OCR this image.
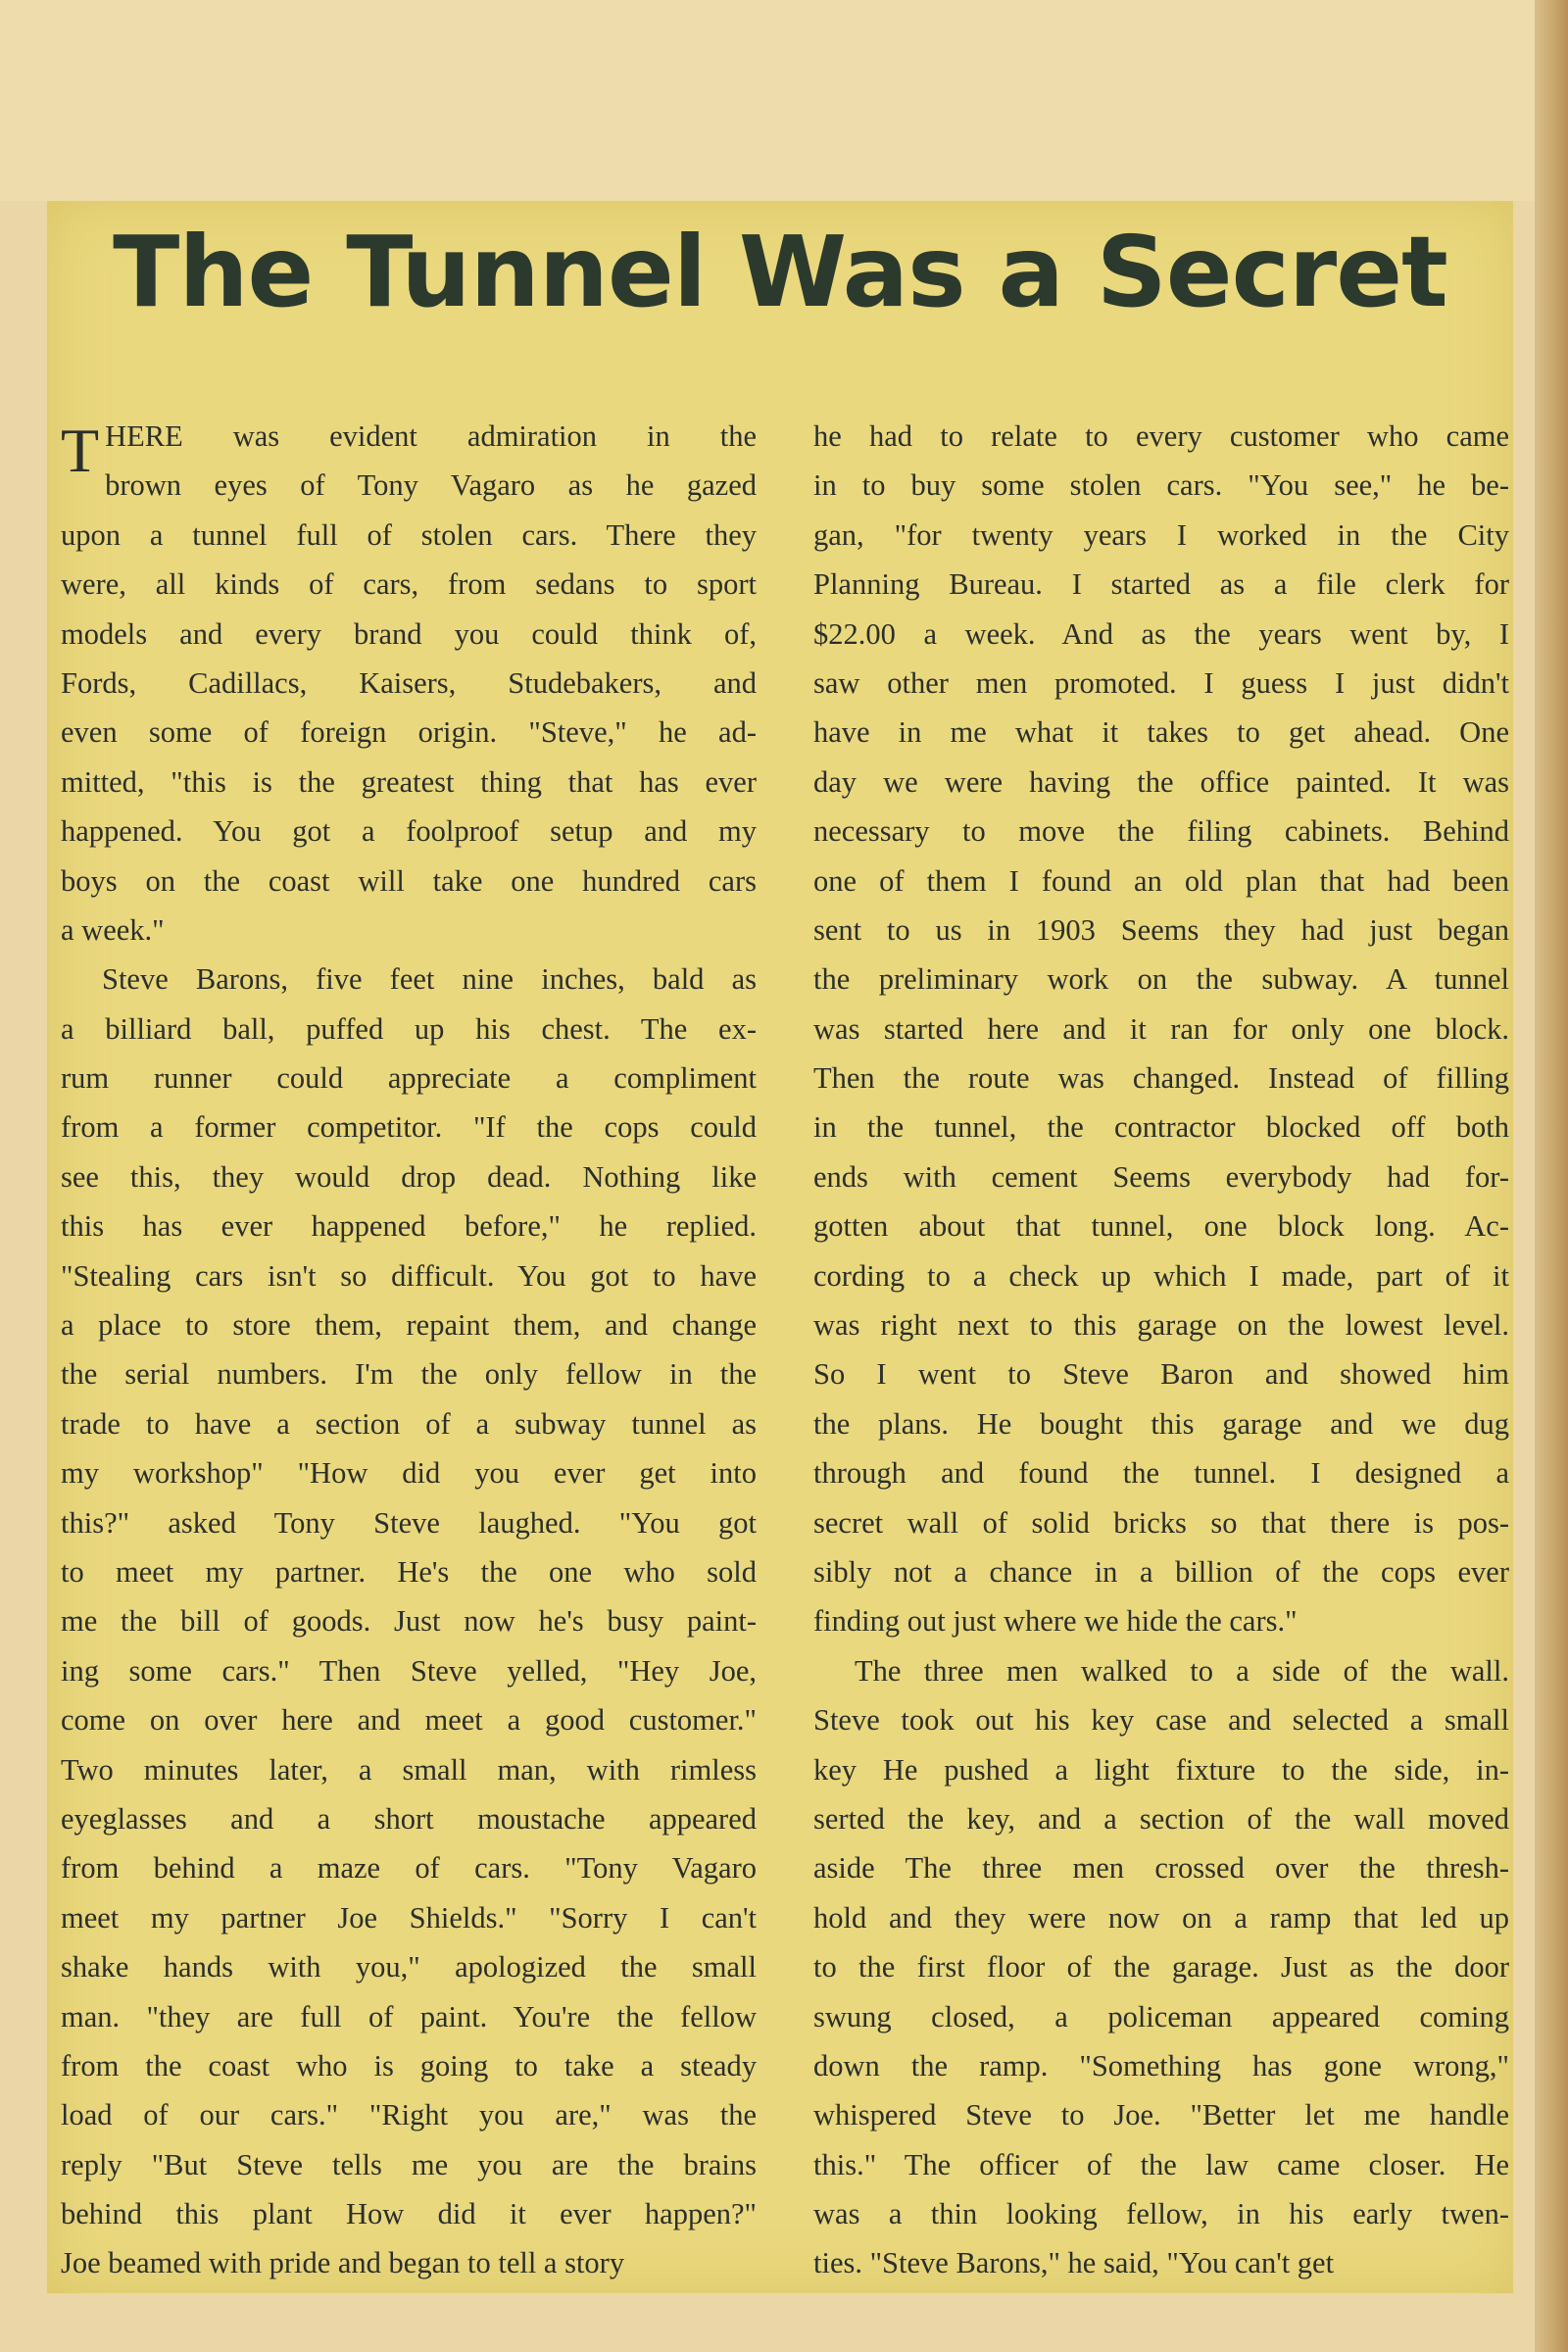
The Tunnel Was a Secret
T HERE was evident admiration in the
brown eyes of Tony Vagaro as he gazed
upon a tunnel full of stolen cars. There they
were, all kinds of cars, from sedans to sport
models and every brand you could think of,
Fords, Cadillacs, Kaisers, Studebakers, and
even some of foreign origin. "Steve," he ad-
mitted, "this is the greatest thing that has ever
happened. You got a foolproof setup and my
boys on the coast will take one hundred cars
a week."
Steve Barons, five feet nine inches, bald as
a billiard ball, puffed up his chest. The ex-
rum runner could appreciate a compliment
from a former competitor. "If the cops could
see this, they would drop dead. Nothing like
this has ever happened before," he replied.
"Stealing cars isn't so difficult. You got to have
a place to store them, repaint them, and change
the serial numbers. I'm the only fellow in the
trade to have a section of a subway tunnel as
my workshop" "How did you ever get into
this?" asked Tony Steve laughed. "You got
to meet my partner. He's the one who sold
me the bill of goods. Just now he's busy paint-
ing some cars." Then Steve yelled, "Hey Joe,
come on over here and meet a good customer."
Two minutes later, a small man, with rimless
eyeglasses and a short moustache appeared
from behind a maze of cars. "Tony Vagaro
meet my partner Joe Shields." "Sorry I can't
shake hands with you," apologized the small
man. "they are full of paint. You're the fellow
from the coast who is going to take a steady
load of our cars." "Right you are," was the
reply "But Steve tells me you are the brains
behind this plant How did it ever happen?"
Joe beamed with pride and began to tell a story
he had to relate to every customer who came
in to buy some stolen cars. "You see," he be-
gan, "for twenty years I worked in the City
Planning Bureau. I started as a file clerk for
$22.00 a week. And as the years went by, I
saw other men promoted. I guess I just didn't
have in me what it takes to get ahead. One
day we were having the office painted. It was
necessary to move the filing cabinets. Behind
one of them I found an old plan that had been
sent to us in 1903 Seems they had just began
the preliminary work on the subway. A tunnel
was started here and it ran for only one block.
Then the route was changed. Instead of filling
in the tunnel, the contractor blocked off both
ends with cement Seems everybody had for-
gotten about that tunnel, one block long. Ac-
cording to a check up which I made, part of it
was right next to this garage on the lowest level.
So I went to Steve Baron and showed him
the plans. He bought this garage and we dug
through and found the tunnel. I designed a
secret wall of solid bricks so that there is pos-
sibly not a chance in a billion of the cops ever
finding out just where we hide the cars."
The three men walked to a side of the wall.
Steve took out his key case and selected a small
key He pushed a light fixture to the side, in-
serted the key, and a section of the wall moved
aside The three men crossed over the thresh-
hold and they were now on a ramp that led up
to the first floor of the garage. Just as the door
swung closed, a policeman appeared coming
down the ramp. "Something has gone wrong,"
whispered Steve to Joe. "Better let me handle
this." The officer of the law came closer. He
was a thin looking fellow, in his early twen-
ties. "Steve Barons," he said, "You can't get
